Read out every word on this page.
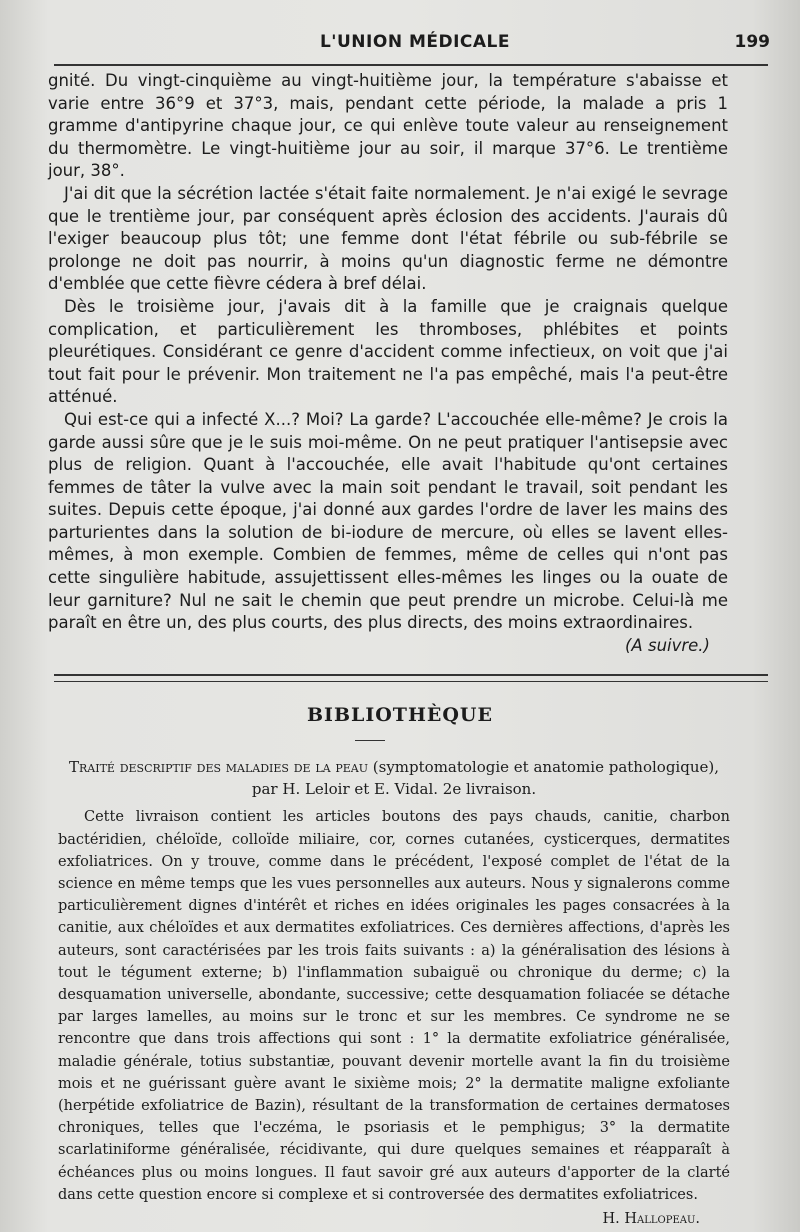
L'UNION MÉDICALE	199

gnité. Du vingt-cinquième au vingt-huitième jour, la température s'abaisse et varie entre 36°9 et 37°3, mais, pendant cette période, la malade a pris 1 gramme d'antipyrine chaque jour, ce qui enlève toute valeur au renseignement du thermomètre. Le vingt-huitième jour au soir, il marque 37°6. Le trentième jour, 38°.

J'ai dit que la sécrétion lactée s'était faite normalement. Je n'ai exigé le sevrage que le trentième jour, par conséquent après éclosion des accidents. J'aurais dû l'exiger beaucoup plus tôt; une femme dont l'état fébrile ou sub-fébrile se prolonge ne doit pas nourrir, à moins qu'un diagnostic ferme ne démontre d'emblée que cette fièvre cédera à bref délai.

Dès le troisième jour, j'avais dit à la famille que je craignais quelque complication, et particulièrement les thromboses, phlébites et points pleurétiques. Considérant ce genre d'accident comme infectieux, on voit que j'ai tout fait pour le prévenir. Mon traitement ne l'a pas empêché, mais l'a peut-être atténué.

Qui est-ce qui a infecté X...? Moi? La garde? L'accouchée elle-même? Je crois la garde aussi sûre que je le suis moi-même. On ne peut pratiquer l'antisepsie avec plus de religion. Quant à l'accouchée, elle avait l'habitude qu'ont certaines femmes de tâter la vulve avec la main soit pendant le travail, soit pendant les suites. Depuis cette époque, j'ai donné aux gardes l'ordre de laver les mains des parturientes dans la solution de bi-iodure de mercure, où elles se lavent elles-mêmes, à mon exemple. Combien de femmes, même de celles qui n'ont pas cette singulière habitude, assujettissent elles-mêmes les linges ou la ouate de leur garniture? Nul ne sait le chemin que peut prendre un microbe. Celui-là me paraît en être un, des plus courts, des plus directs, des moins extraordinaires.

(A suivre.)

BIBLIOTHÈQUE
Traité descriptif des maladies de la peau (symptomatologie et anatomie pathologique),
par H. Leloir et E. Vidal. 2e livraison.

Cette livraison contient les articles boutons des pays chauds, canitie, charbon bactéridien, chéloïde, colloïde miliaire, cor, cornes cutanées, cysticerques, dermatites exfoliatrices. On y trouve, comme dans le précédent, l'exposé complet de l'état de la science en même temps que les vues personnelles aux auteurs. Nous y signalerons comme particulièrement dignes d'intérêt et riches en idées originales les pages consacrées à la canitie, aux chéloïdes et aux dermatites exfoliatrices. Ces dernières affections, d'après les auteurs, sont caractérisées par les trois faits suivants : a) la généralisation des lésions à tout le tégument externe; b) l'inflammation subaiguë ou chronique du derme; c) la desquamation universelle, abondante, successive; cette desquamation foliacée se détache par larges lamelles, au moins sur le tronc et sur les membres. Ce syndrome ne se rencontre que dans trois affections qui sont : 1° la dermatite exfoliatrice généralisée, maladie générale, totius substantiæ, pouvant devenir mortelle avant la fin du troisième mois et ne guérissant guère avant le sixième mois; 2° la dermatite maligne exfoliante (herpétide exfoliatrice de Bazin), résultant de la transformation de certaines dermatoses chroniques, telles que l'eczéma, le psoriasis et le pemphigus; 3° la dermatite scarlatiniforme généralisée, récidivante, qui dure quelques semaines et réapparaît à échéances plus ou moins longues. Il faut savoir gré aux auteurs d'apporter de la clarté dans cette question encore si complexe et si controversée des dermatites exfoliatrices.

H. Hallopeau.
